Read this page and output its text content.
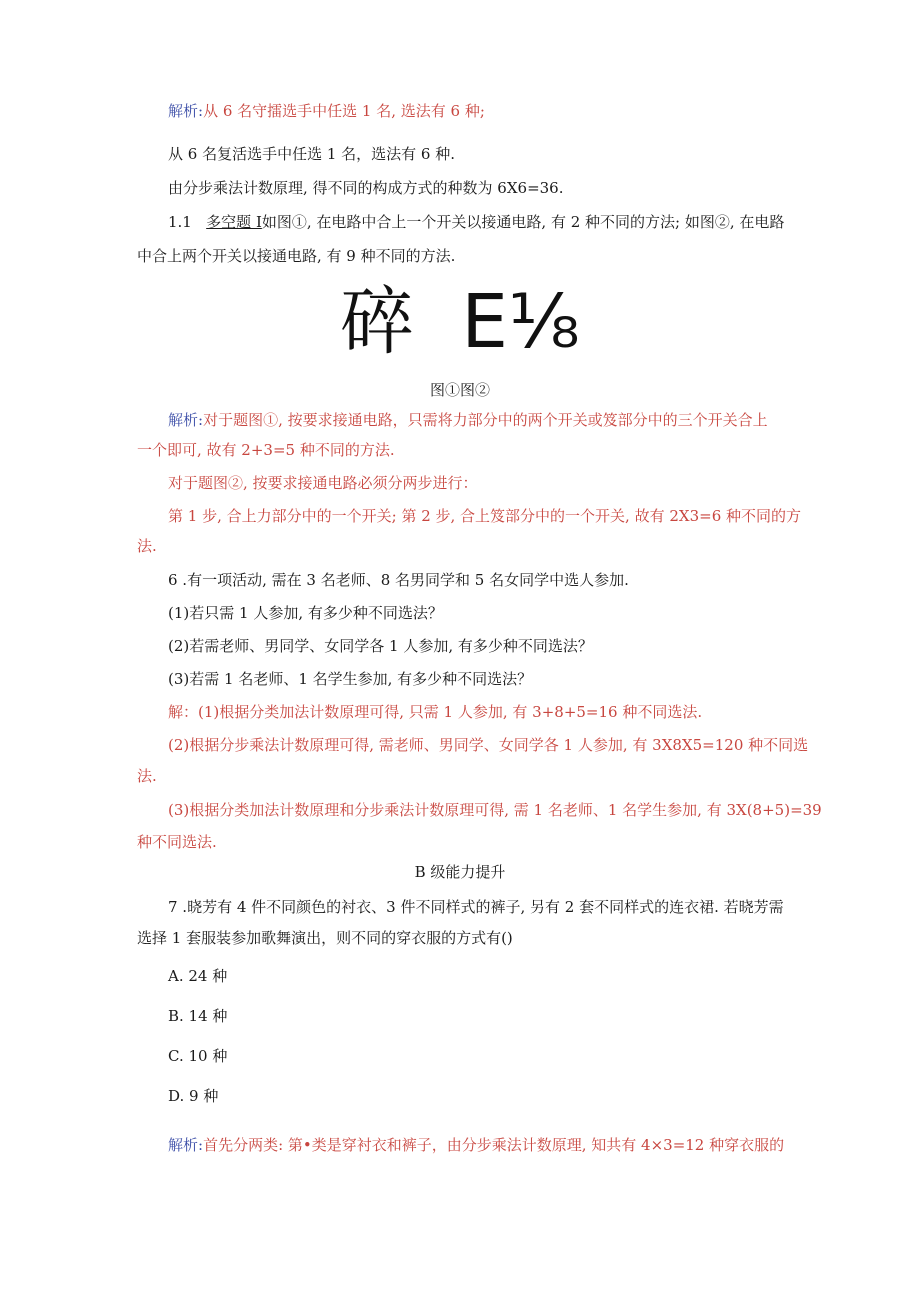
解析:从 6 名守擂选手中任选 1 名, 选法有 6 种;

从 6 名复活选手中任选 1 名，选法有 6 种.

由分步乘法计数原理, 得不同的构成方式的种数为 6X6=36.

1.1 多空题 I如图①, 在电路中合上一个开关以接通电路, 有 2 种不同的方法; 如图②, 在电路

中合上两个开关以接通电路, 有 9 种不同的方法.

碎 E⅛

图①图②

解析:对于题图①, 按要求接通电路，只需将力部分中的两个开关或笈部分中的三个开关合上

一个即可, 故有 2+3=5 种不同的方法.

对于题图②, 按要求接通电路必须分两步进行：

第 1 步, 合上力部分中的一个开关; 第 2 步, 合上笈部分中的一个开关, 故有 2X3=6 种不同的方

法.

6 .有一项活动, 需在 3 名老师、8 名男同学和 5 名女同学中选人参加.

(1)若只需 1 人参加, 有多少种不同选法？

(2)若需老师、男同学、女同学各 1 人参加, 有多少种不同选法？

(3)若需 1 名老师、1 名学生参加, 有多少种不同选法？

解：(1)根据分类加法计数原理可得, 只需 1 人参加, 有 3+8+5=16 种不同选法.

(2)根据分步乘法计数原理可得, 需老师、男同学、女同学各 1 人参加, 有 3X8X5=120 种不同选

法.

(3)根据分类加法计数原理和分步乘法计数原理可得, 需 1 名老师、1 名学生参加, 有 3X(8+5)=39

种不同选法.

B 级能力提升

7 .晓芳有 4 件不同颜色的衬衣、3 件不同样式的裤子, 另有 2 套不同样式的连衣裙. 若晓芳需

选择 1 套服装参加歌舞演出，则不同的穿衣服的方式有()

A. 24 种

B. 14 种

C. 10 种

D. 9 种

解析:首先分两类: 第•类是穿衬衣和裤子，由分步乘法计数原理, 知共有 4×3=12 种穿衣服的
